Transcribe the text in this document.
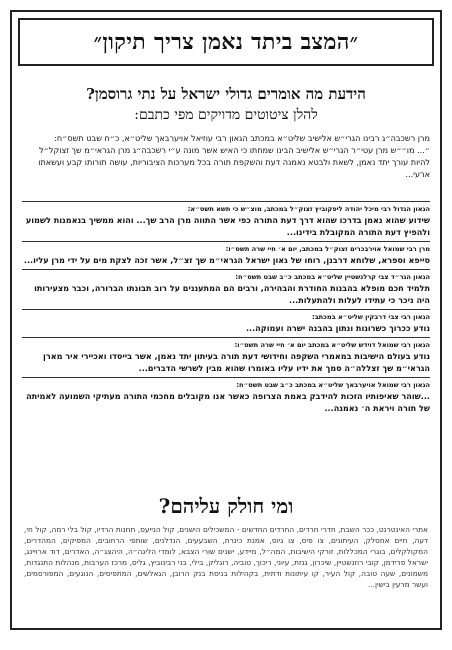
״המצב ביתד נאמן צריך תיקון״
הידעת מה אומרים גדולי ישראל על נתי גרוסמן?
להלן ציטוטים מדויקים מפי כתבם:

מרן רשכבה״ג רבינו הגרי״ש אלישיב שליט״א במכתב הגאון רבי עוזיאל אויערבאך שליט״א, כ״ח שבט תשס״ח:

״... מו״״ש מרן עטי״ר הגרי״ש אלישיב הבינו שמחתו כי האיש אשר מונה ע״י רשכבה״ג מרן הגראי״מ שך זצוקל״ל להיות עורך יתד נאמן, לשאת ולבטא נאמנה דעת והשקפת תורה בכל מערכות הציבוריות, עושה תורותו קבע ועשאתו ארעי...

הגאון הגדול רבי מיכל יהודה ליפקוביץ זצוק״ל במכתב, מוצ״ש כי תשא תשס״א:
שידוע שהוא נאמן בדרכו שהוא דרך דעת התורה כפי אשר התווה מרן הרב שך... והוא ממשיך בנאמנות לשמוע ולהפיץ דעת התורה המקובלת בידינו...
מרן רבי שמואל אוירבכרים זצוק״ל במכתב, יום א׳ חיי שרה תשס״ו:
סייפא וספרא, שלוחא דרבנן, רוחו של גאון ישראל הגראי״מ שך זצ״ל, אשר זכה לצקת מים על ידי מרן עליו...
הגאון הגר״ד צבי קרלנשטיין שליט״א במכתב כ״ב שבט תשס״ח:
תלמיד חכם מופלא בהבנות החודרת והבהירה, ורבים הם המתעננים על רוב תבונתו הברורה, וכבר מצעירותו היה ניכר כי עתידו לעלות ולהתעלות...
הגאון רבי צבי דרבקין שליט״א במכתב:
נודע ככרוך כשרונות ונתון בהבנה ישרה ועמוקה...
הגאון רבי שמואל דוידש שליט״א במכתב יום א׳ חיי שרה תשס״ו:
נודע בעולם הישיבות במאמרי השקפה וחידושי דעת תורה בעיתון יתד נאמן, אשר בייסדו ואכיירי איר מארן הגראי״מ שך זצללה״ה סמך את ידיו עליו באומרו שהוא מבין לשרשי הדברים...
הגאון רבי שמואל אויערבאך שליט״א במכתב כ״ב שבט תשס״ח:
...שוהר שאיפותיו הזכות להידבק באמת הצרופה כאשר אנו מקובלים מחכמי התורה מעתיקי השמועה לאמיתה של תורה ויראת ה׳ נאמנה...
ומי חולק עליהם?
אתרי האינטרנט, ככר השבת, חדרי חרדים, החרדים החדשים - המשכילים הישנים, קול הנייעס, תחנות הרדיו, קול בלי רמה, קול חי, דעה, חיים אחסלק, העיתונים, צו פיס, צו גיוס, אמנת כינרת, השבעעים, הנדלנים, שותפי הרחובים, המפיקים, המהדרים, המקולקלים, בוגרי המכללות, זורקי הישיבות, המה״ל, מיידע, ישנים שורי הצבא, לומדי הליגה״ה, היהצג״ה, האדרים, דוד ארויינג, ישראל פרידמן, קובי רוזנשטיין, שיכרון, גנזת, עיוני, ריכוך, טוביה, רוגליק, בילי, בני רבינוביץ, גליס, מרכז הערבות, מנהלות התנגדות, משמונים, שעה טובה, קול העיר, קו עיתונות ודתית, בקהילות בניסת בנק הרובן, הגאלשים, המתפיסים, הנוגעים, המפורסמים, ועשר מרעין בישין...
